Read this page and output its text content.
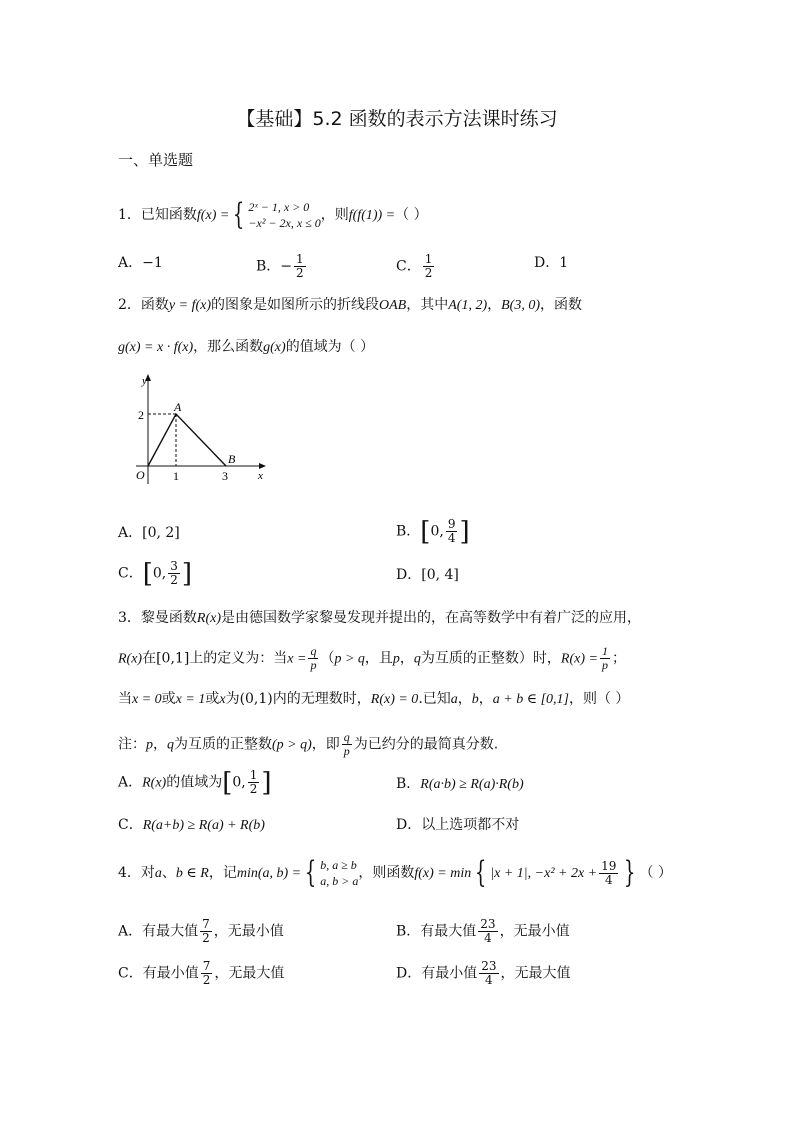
【基础】5.2 函数的表示方法课时练习
一、单选题
1．已知函数f(x) = { 2ˣ − 1, x > 0
−x² − 2x, x ≤ 0 ，则f(f(1)) =（ ）
A．−1	B．− $\frac{1}{2}$	C． $\frac{1}{2}$	D．1
2．函数y = f(x)的图象是如图所示的折线段OAB，其中A(1, 2)，B(3, 0)，函数
g(x) = x · f(x)，那么函数g(x)的值域为（ ）
y
x
O
A
B
1	3
2
A．[0, 2]	B．[0, $\frac{9}{4}$ ]
C．[0, $\frac{3}{2}$ ]	D．[0, 4]
3．黎曼函数R(x)是由德国数学家黎曼发现并提出的，在高等数学中有着广泛的应用，
R(x)在[0,1]上的定义为：当$x = \frac{q}{p} (p > q$，且p，q为互质的正整数）时，$R(x) = \frac{1}{p}$ ；
当x = 0或x = 1或x为(0,1)内的无理数时，R(x) = 0.已知a，b，a + b ∈ [0,1]，则（ ）
注：p，q为互质的正整数(p > q)，即 $\frac{q}{p}$ 为已约分的最简真分数.
A．R(x)的值域为[0, $\frac{1}{2}$ ]	B．R(a·b) ≥ R(a)·R(b)
C．R(a+b) ≥ R(a) + R(b)	D．以上选项都不对
4．对a、b ∈ R，记min(a, b) = { b, a ≥ b
a, b > a ，则函数f(x) = min { |x + 1|, $-x^2 + 2x + \frac{19}{4}$ } （ ）
A．有最大值 $\frac{7}{2}$ ，无最小值	B．有最大值 $\frac{23}{4}$ ，无最小值
C．有最小值 $\frac{7}{2}$ ，无最大值	D．有最小值 $\frac{23}{4}$ ，无最大值
